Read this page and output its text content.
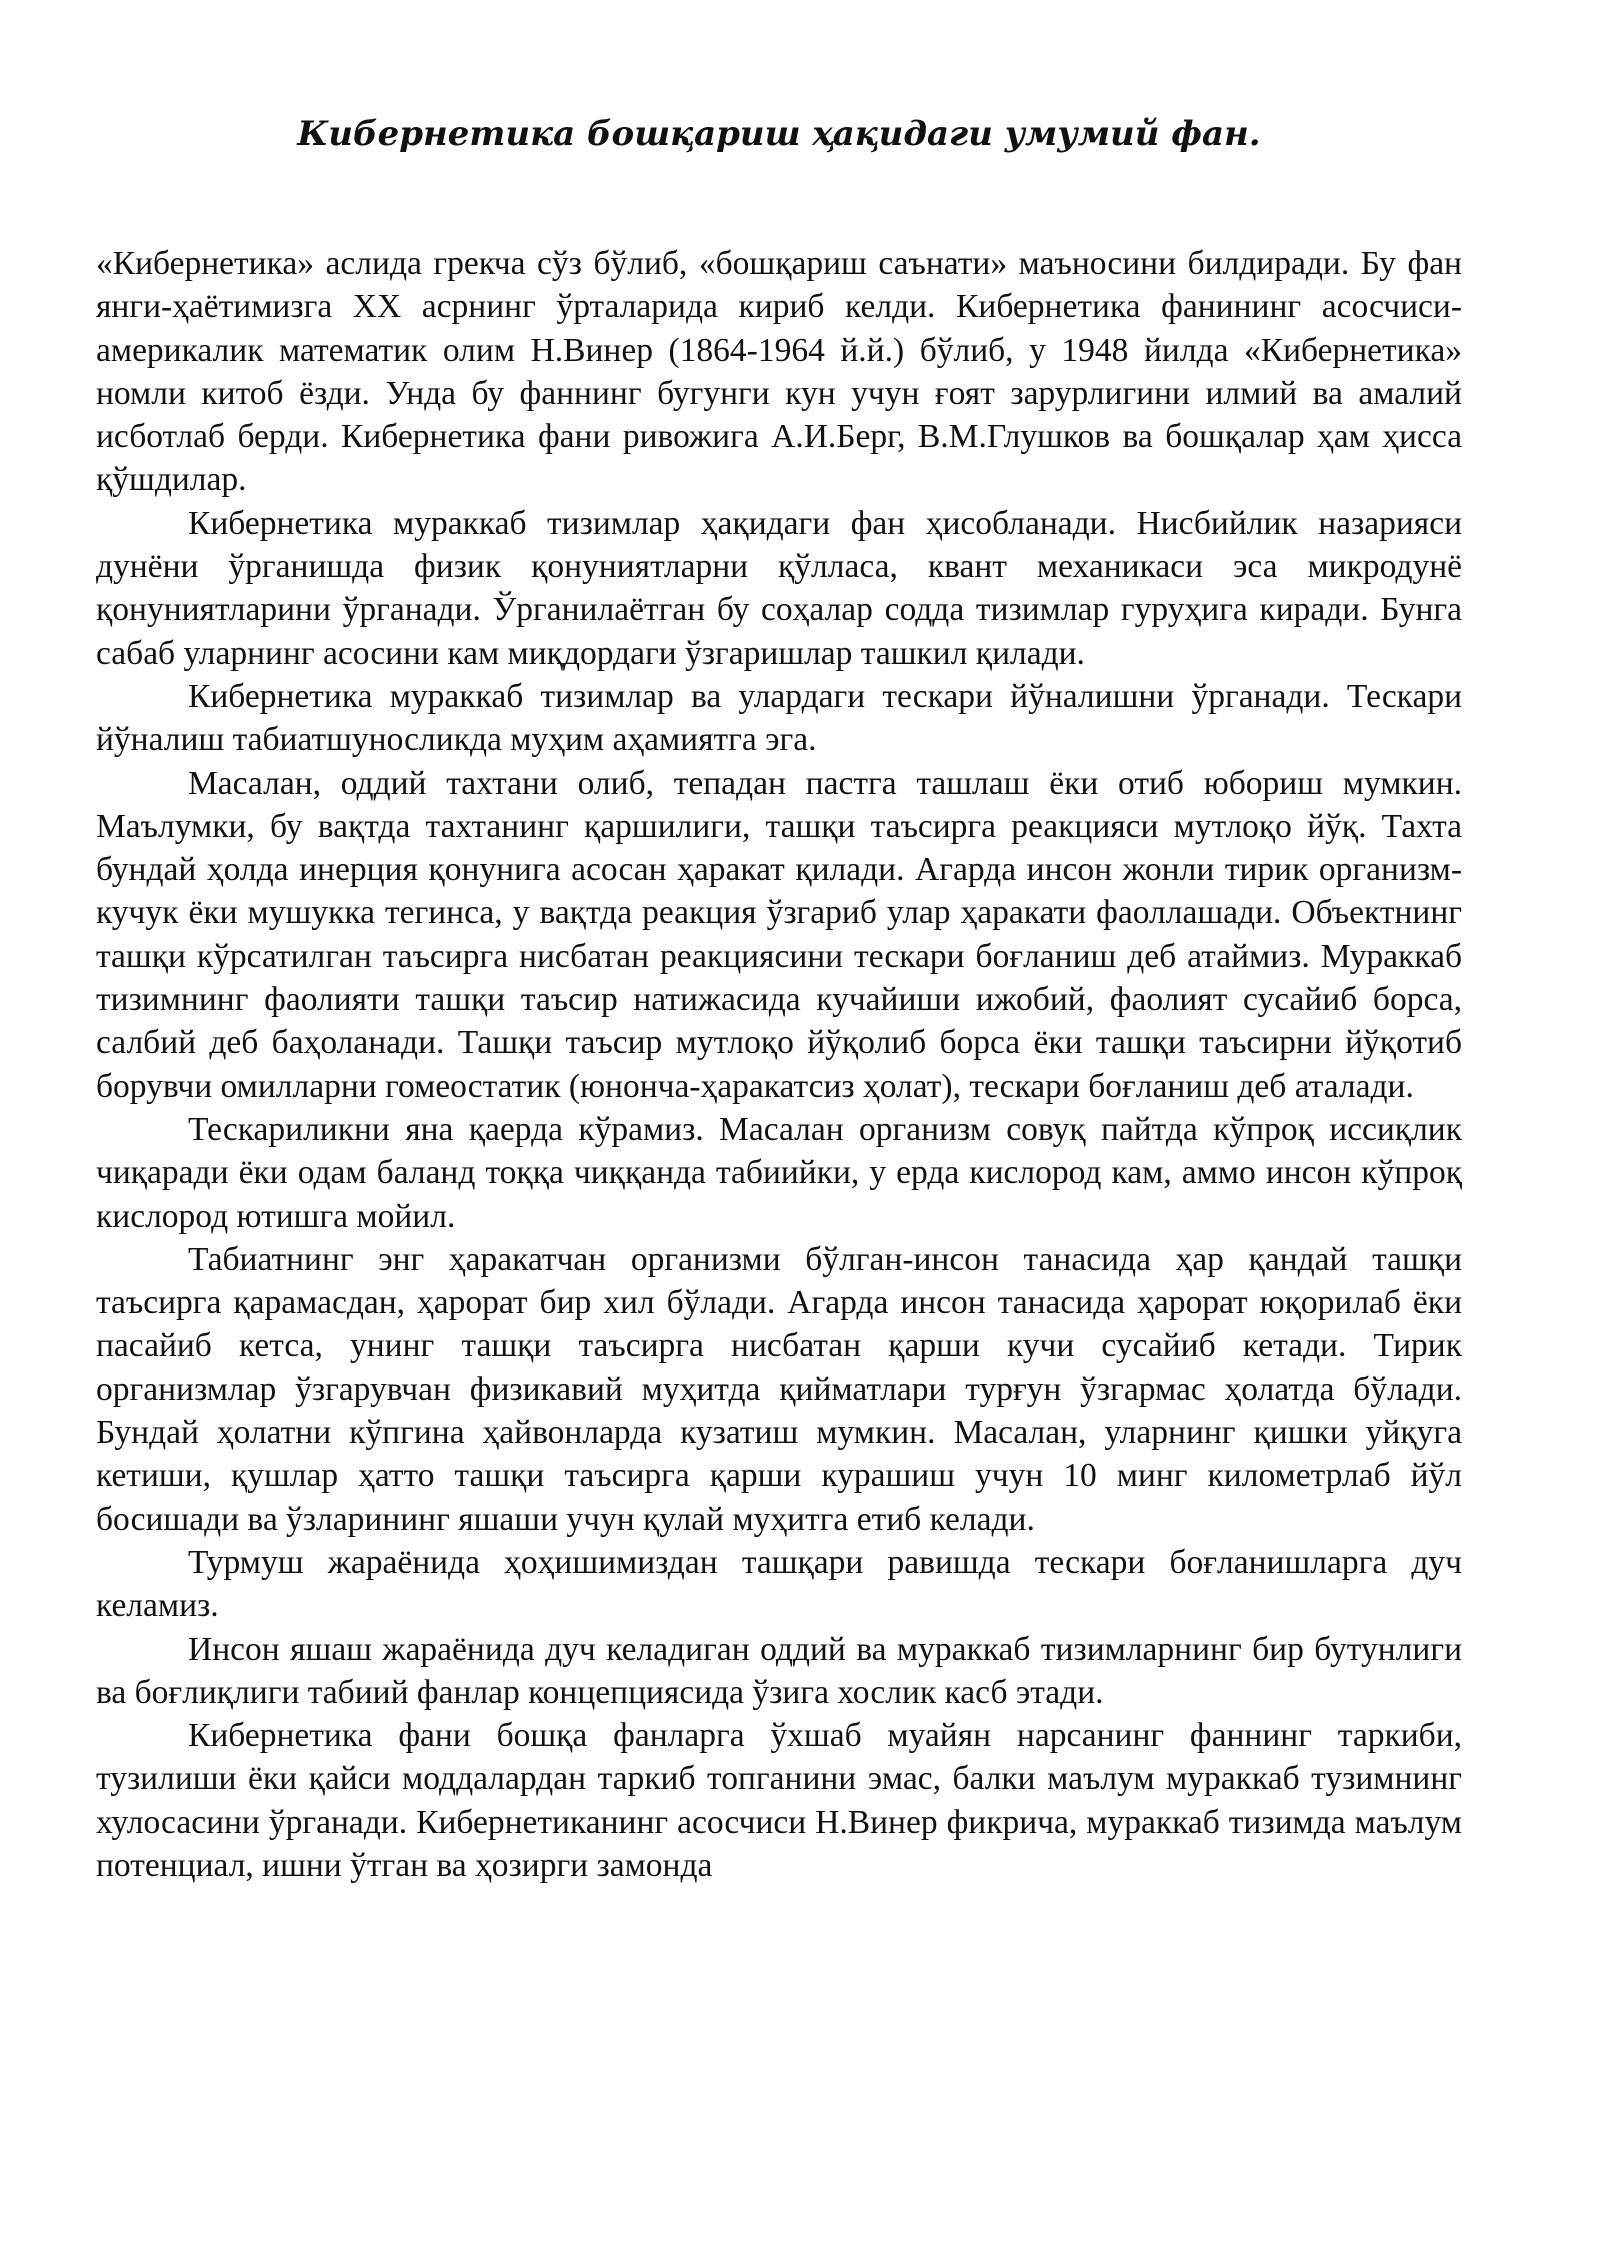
Кибернетика бошқариш ҳақидаги умумий фан.

«Кибернетика» аслида грекча сўз бўлиб, «бошқариш саънати» маъносини билдиради. Бу фан янги-ҳаётимизга XX асрнинг ўрталарида кириб келди. Кибернетика фанининг асосчиси-америкалик математик олим Н.Винер (1864-1964 й.й.) бўлиб, у 1948 йилда «Кибернетика» номли китоб ёзди. Унда бу фаннинг бугунги кун учун ғоят зарурлигини илмий ва амалий исботлаб берди. Кибернетика фани ривожига А.И.Берг, В.М.Глушков ва бошқалар ҳам ҳисса қўшдилар.

Кибернетика мураккаб тизимлар ҳақидаги фан ҳисобланади. Нисбийлик назарияси дунёни ўрганишда физик қонуниятларни қўлласа, квант механикаси эса микродунё қонуниятларини ўрганади. Ўрганилаётган бу соҳалар содда тизимлар гуруҳига киради. Бунга сабаб уларнинг асосини кам миқдордаги ўзгаришлар ташкил қилади.

Кибернетика мураккаб тизимлар ва улардаги тескари йўналишни ўрганади. Тескари йўналиш табиатшуносликда муҳим аҳамиятга эга.

Масалан, оддий тахтани олиб, тепадан пастга ташлаш ёки отиб юбориш мумкин. Маълумки, бу вақтда тахтанинг қаршилиги, ташқи таъсирга реакцияси мутлоқо йўқ. Тахта бундай ҳолда инерция қонунига асосан ҳаракат қилади. Агарда инсон жонли тирик организм-кучук ёки мушукка тегинса, у вақтда реакция ўзгариб улар ҳаракати фаоллашади. Объектнинг ташқи кўрсатилган таъсирга нисбатан реакциясини тескари боғланиш деб атаймиз. Мураккаб тизимнинг фаолияти ташқи таъсир натижасида кучайиши ижобий, фаолият сусайиб борса, салбий деб баҳоланади. Ташқи таъсир мутлоқо йўқолиб борса ёки ташқи таъсирни йўқотиб борувчи омилларни гомеостатик (юнонча-ҳаракатсиз ҳолат), тескари боғланиш деб аталади.

Тескариликни яна қаерда кўрамиз. Масалан организм совуқ пайтда кўпроқ иссиқлик чиқаради ёки одам баланд тоққа чиққанда табиийки, у ерда кислород кам, аммо инсон кўпроқ кислород ютишга мойил.

Табиатнинг энг ҳаракатчан организми бўлган-инсон танасида ҳар қандай ташқи таъсирга қарамасдан, ҳарорат бир хил бўлади. Агарда инсон танасида ҳарорат юқорилаб ёки пасайиб кетса, унинг ташқи таъсирга нисбатан қарши кучи сусайиб кетади. Тирик организмлар ўзгарувчан физикавий муҳитда қийматлари турғун ўзгармас ҳолатда бўлади. Бундай ҳолатни кўпгина ҳайвонларда кузатиш мумкин. Масалан, уларнинг қишки уйқуга кетиши, қушлар ҳатто ташқи таъсирга қарши курашиш учун 10 минг километрлаб йўл босишади ва ўзларининг яшаши учун қулай муҳитга етиб келади.

Турмуш жараёнида ҳоҳишимиздан ташқари равишда тескари боғланишларга дуч келамиз.

Инсон яшаш жараёнида дуч келадиган оддий ва мураккаб тизимларнинг бир бутунлиги ва боғлиқлиги табиий фанлар концепциясида ўзига хослик касб этади.

Кибернетика фани бошқа фанларга ўхшаб муайян нарсанинг фаннинг таркиби, тузилиши ёки қайси моддалардан таркиб топганини эмас, балки маълум мураккаб тузимнинг хулосасини ўрганади. Кибернетиканинг асосчиси Н.Винер фикрича, мураккаб тизимда маълум потенциал, ишни ўтган ва ҳозирги замонда
